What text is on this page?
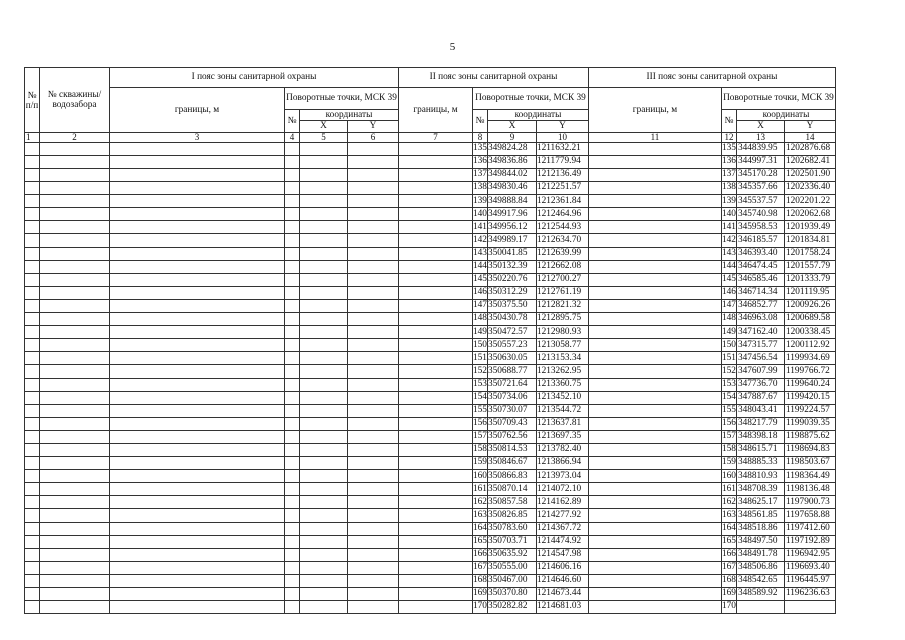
5
№ п/п	№ скважины/ водозабора	I пояс зоны санитарной охраны				II пояс зоны санитарной охраны				III пояс зоны санитарной охраны			
		границы, м	Поворотные точки, МСК 39			границы, м	Поворотные точки, МСК 39			границы, м	Поворотные точки, МСК 39		
			№	координаты			№	координаты			№	координаты	
				X	Y			X	Y			X	Y
1	2	3	4	5	6	7	8	9	10	11	12	13	14
							135	349824.28	1211632.21		135	344839.95	1202876.68
							136	349836.86	1211779.94		136	344997.31	1202682.41
							137	349844.02	1212136.49		137	345170.28	1202501.90
							138	349830.46	1212251.57		138	345357.66	1202336.40
							139	349888.84	1212361.84		139	345537.57	1202201.22
							140	349917.96	1212464.96		140	345740.98	1202062.68
							141	349956.12	1212544.93		141	345958.53	1201939.49
							142	349989.17	1212634.70		142	346185.57	1201834.81
							143	350041.85	1212639.99		143	346393.40	1201758.24
							144	350132.39	1212662.08		144	346474.45	1201557.79
							145	350220.76	1212700.27		145	346585.46	1201333.79
							146	350312.29	1212761.19		146	346714.34	1201119.95
							147	350375.50	1212821.32		147	346852.77	1200926.26
							148	350430.78	1212895.75		148	346963.08	1200689.58
							149	350472.57	1212980.93		149	347162.40	1200338.45
							150	350557.23	1213058.77		150	347315.77	1200112.92
							151	350630.05	1213153.34		151	347456.54	1199934.69
							152	350688.77	1213262.95		152	347607.99	1199766.72
							153	350721.64	1213360.75		153	347736.70	1199640.24
							154	350734.06	1213452.10		154	347887.67	1199420.15
							155	350730.07	1213544.72		155	348043.41	1199224.57
							156	350709.43	1213637.81		156	348217.79	1199039.35
							157	350762.56	1213697.35		157	348398.18	1198875.62
							158	350814.53	1213782.40		158	348615.71	1198694.83
							159	350846.67	1213866.94		159	348885.33	1198503.67
							160	350866.83	1213973.04		160	348810.93	1198364.49
							161	350870.14	1214072.10		161	348708.39	1198136.48
							162	350857.58	1214162.89		162	348625.17	1197900.73
							163	350826.85	1214277.92		163	348561.85	1197658.88
							164	350783.60	1214367.72		164	348518.86	1197412.60
							165	350703.71	1214474.92		165	348497.50	1197192.89
							166	350635.92	1214547.98		166	348491.78	1196942.95
							167	350555.00	1214606.16		167	348506.86	1196693.40
							168	350467.00	1214646.60		168	348542.65	1196445.97
							169	350370.80	1214673.44		169	348589.92	1196236.63
							170	350282.82	1214681.03		170		
